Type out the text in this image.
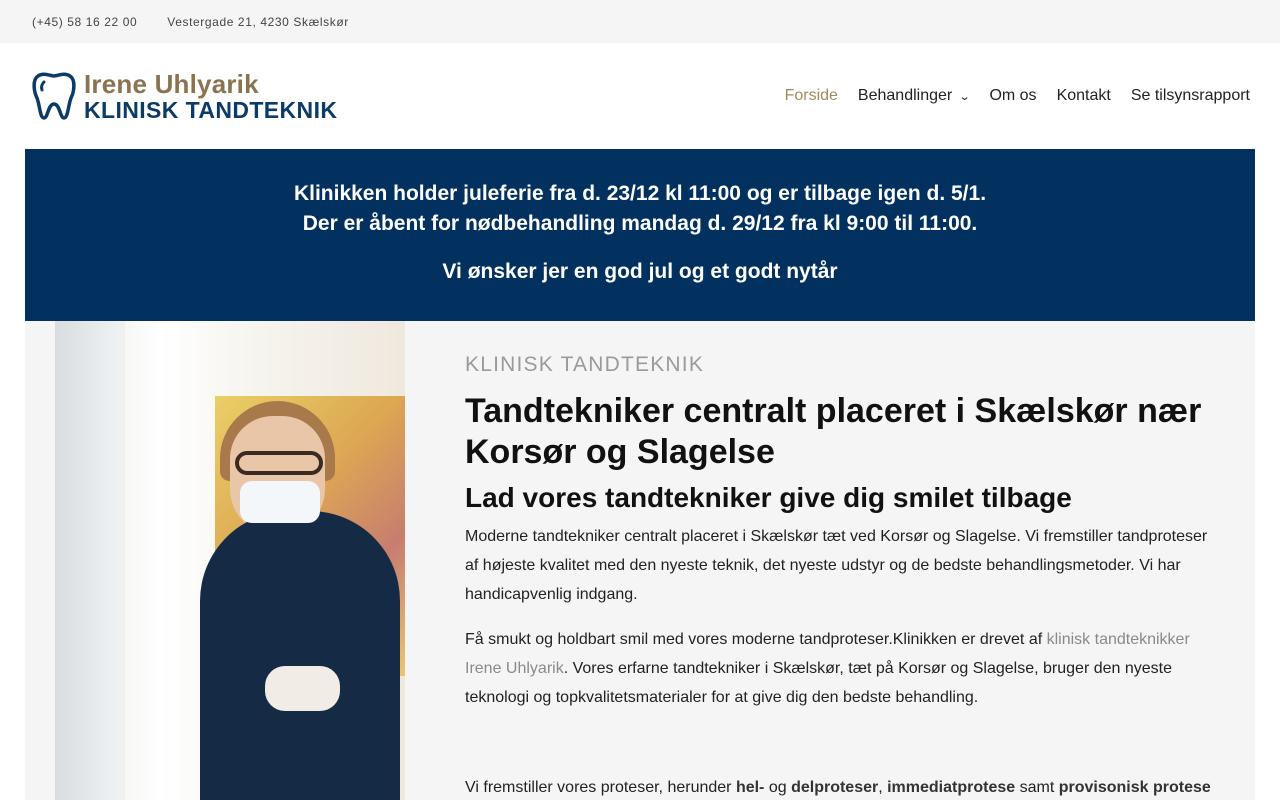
(+45) 58 16 22 00	Vestergade 21, 4230 Skælskør
Irene Uhlyarik
KLINISK TANDTEKNIK
Forside Behandlinger ⌄ Om os Kontakt Se tilsynsrapport
Klinikken holder juleferie fra d. 23/12 kl 11:00 og er tilbage igen d. 5/1.
Der er åbent for nødbehandling mandag d. 29/12 fra kl 9:00 til 11:00.
Vi ønsker jer en god jul og et godt nytår
KLINISK TANDTEKNIK
Tandtekniker centralt placeret i Skælskør nær Korsør og Slagelse
Lad vores tandtekniker give dig smilet tilbage

Moderne tandtekniker centralt placeret i Skælskør tæt ved Korsør og Slagelse. Vi fremstiller tandproteser af højeste kvalitet med den nyeste teknik, det nyeste udstyr og de bedste behandlingsmetoder. Vi har handicapvenlig indgang.

Få smukt og holdbart smil med vores moderne tandproteser.Klinikken er drevet af klinisk tandteknikker Irene Uhlyarik. Vores erfarne tandtekniker i Skælskør, tæt på Korsør og Slagelse, bruger den nyeste teknologi og topkvalitetsmaterialer for at give dig den bedste behandling.

Vi fremstiller vores proteser, herunder hel- og delproteser, immediatprotese samt provisonisk protese
